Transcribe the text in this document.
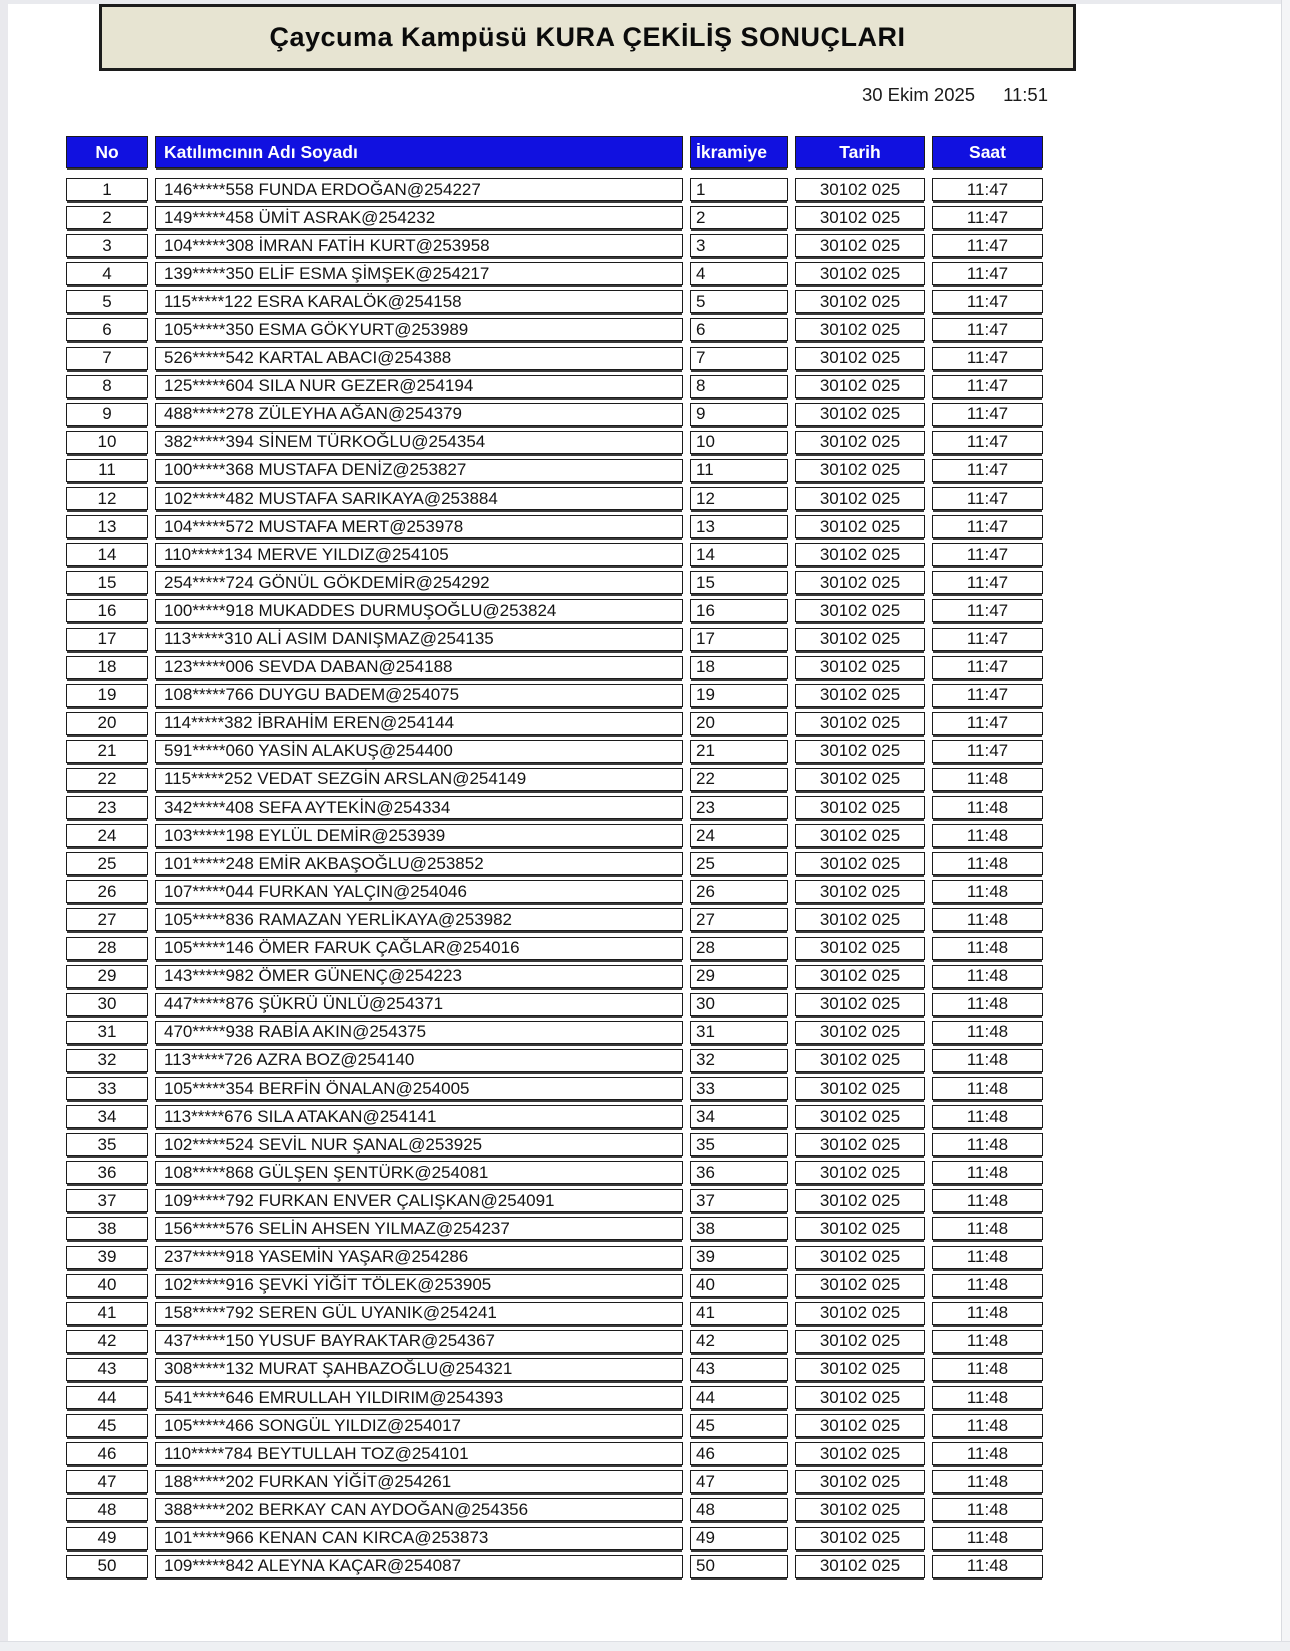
Çaycuma Kampüsü KURA ÇEKİLİŞ SONUÇLARI
30 Ekim 2025 11:51
No	Katılımcının Adı Soyadı	İkramiye	Tarih	Saat
1	146*****558 FUNDA ERDOĞAN@254227	1	30102 025	11:47
2	149*****458 ÜMİT ASRAK@254232	2	30102 025	11:47
3	104*****308 İMRAN FATİH KURT@253958	3	30102 025	11:47
4	139*****350 ELİF ESMA ŞİMŞEK@254217	4	30102 025	11:47
5	115*****122 ESRA KARALÖK@254158	5	30102 025	11:47
6	105*****350 ESMA GÖKYURT@253989	6	30102 025	11:47
7	526*****542 KARTAL ABACI@254388	7	30102 025	11:47
8	125*****604 SILA NUR GEZER@254194	8	30102 025	11:47
9	488*****278 ZÜLEYHA AĞAN@254379	9	30102 025	11:47
10	382*****394 SİNEM TÜRKOĞLU@254354	10	30102 025	11:47
11	100*****368 MUSTAFA DENİZ@253827	11	30102 025	11:47
12	102*****482 MUSTAFA SARIKAYA@253884	12	30102 025	11:47
13	104*****572 MUSTAFA MERT@253978	13	30102 025	11:47
14	110*****134 MERVE YILDIZ@254105	14	30102 025	11:47
15	254*****724 GÖNÜL GÖKDEMİR@254292	15	30102 025	11:47
16	100*****918 MUKADDES DURMUŞOĞLU@253824	16	30102 025	11:47
17	113*****310 ALİ ASIM DANIŞMAZ@254135	17	30102 025	11:47
18	123*****006 SEVDA DABAN@254188	18	30102 025	11:47
19	108*****766 DUYGU BADEM@254075	19	30102 025	11:47
20	114*****382 İBRAHİM EREN@254144	20	30102 025	11:47
21	591*****060 YASİN ALAKUŞ@254400	21	30102 025	11:47
22	115*****252 VEDAT SEZGİN ARSLAN@254149	22	30102 025	11:48
23	342*****408 SEFA AYTEKİN@254334	23	30102 025	11:48
24	103*****198 EYLÜL DEMİR@253939	24	30102 025	11:48
25	101*****248 EMİR AKBAŞOĞLU@253852	25	30102 025	11:48
26	107*****044 FURKAN YALÇIN@254046	26	30102 025	11:48
27	105*****836 RAMAZAN YERLİKAYA@253982	27	30102 025	11:48
28	105*****146 ÖMER FARUK ÇAĞLAR@254016	28	30102 025	11:48
29	143*****982 ÖMER GÜNENÇ@254223	29	30102 025	11:48
30	447*****876 ŞÜKRÜ ÜNLÜ@254371	30	30102 025	11:48
31	470*****938 RABİA AKIN@254375	31	30102 025	11:48
32	113*****726 AZRA BOZ@254140	32	30102 025	11:48
33	105*****354 BERFİN ÖNALAN@254005	33	30102 025	11:48
34	113*****676 SILA ATAKAN@254141	34	30102 025	11:48
35	102*****524 SEVİL NUR ŞANAL@253925	35	30102 025	11:48
36	108*****868 GÜLŞEN ŞENTÜRK@254081	36	30102 025	11:48
37	109*****792 FURKAN ENVER ÇALIŞKAN@254091	37	30102 025	11:48
38	156*****576 SELİN AHSEN YILMAZ@254237	38	30102 025	11:48
39	237*****918 YASEMİN YAŞAR@254286	39	30102 025	11:48
40	102*****916 ŞEVKİ YİĞİT TÖLEK@253905	40	30102 025	11:48
41	158*****792 SEREN GÜL UYANIK@254241	41	30102 025	11:48
42	437*****150 YUSUF BAYRAKTAR@254367	42	30102 025	11:48
43	308*****132 MURAT ŞAHBAZOĞLU@254321	43	30102 025	11:48
44	541*****646 EMRULLAH YILDIRIM@254393	44	30102 025	11:48
45	105*****466 SONGÜL YILDIZ@254017	45	30102 025	11:48
46	110*****784 BEYTULLAH TOZ@254101	46	30102 025	11:48
47	188*****202 FURKAN YİĞİT@254261	47	30102 025	11:48
48	388*****202 BERKAY CAN AYDOĞAN@254356	48	30102 025	11:48
49	101*****966 KENAN CAN KIRCA@253873	49	30102 025	11:48
50	109*****842 ALEYNA KAÇAR@254087	50	30102 025	11:48
